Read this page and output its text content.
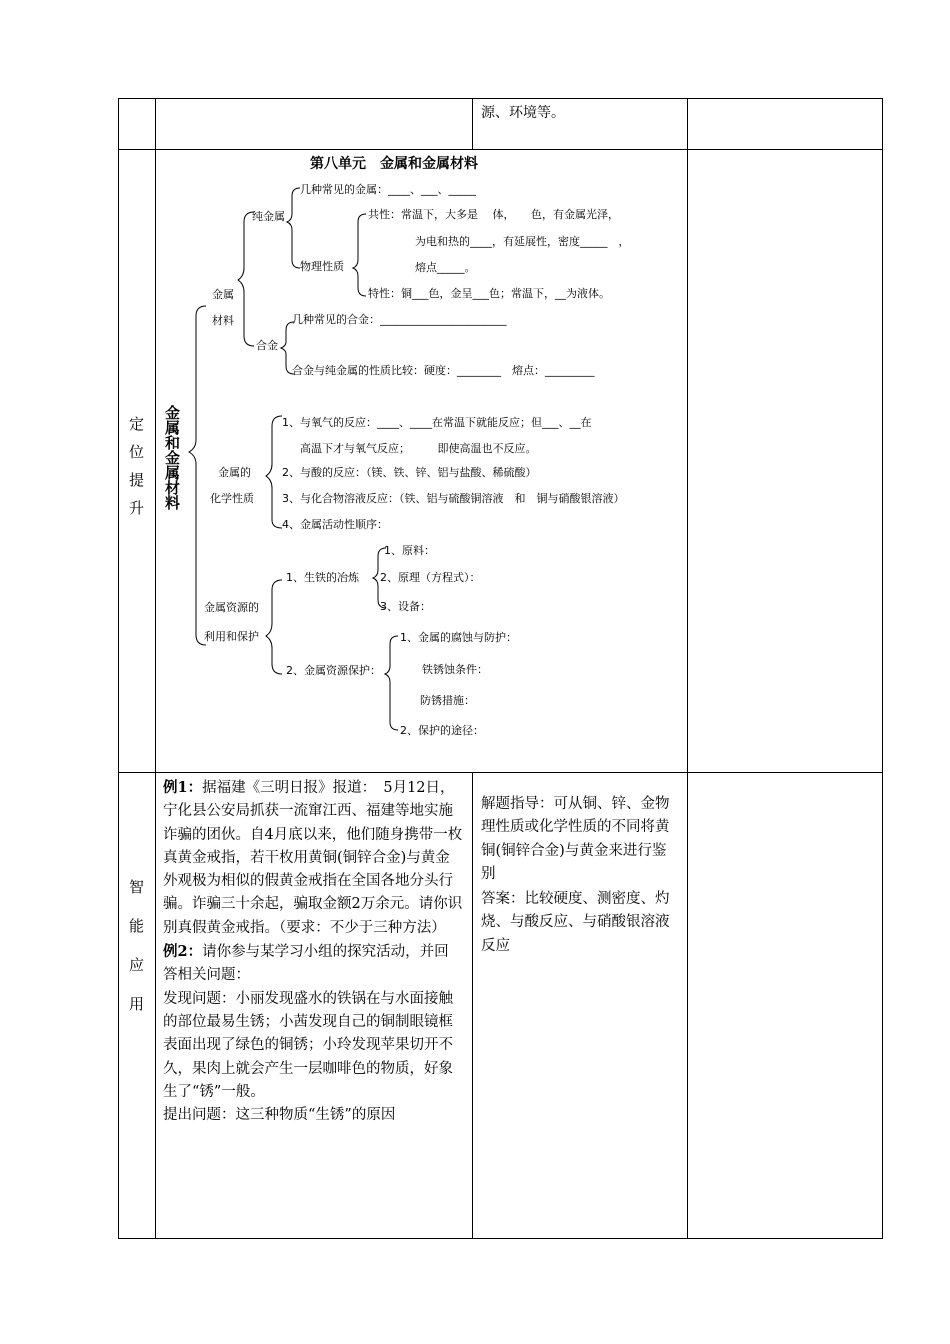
源、环境等。
定
位
提
升
第八单元　金属和金属材料
金属和金属材料
金属
材料
纯金属
几种常见的金属：____、___、_____
物理性质
共性：常温下，大多是　 体，　　色，有金属光泽，
为电和热的____，有延展性，密度_____　，
熔点_____。
特性：铜___色，金呈___色；常温下，__为液体。
合金
几种常见的合金：_______________________
合金与纯金属的性质比较：硬度：________　熔点：_________
金属的
化学性质
1、与氧气的反应：____、____在常温下就能反应；但___、__在
高温下才与氧气反应；　　　即使高温也不反应。
2、与酸的反应：（镁、铁、锌、铝与盐酸、稀硫酸）
3、与化合物溶液反应：（铁、铝与硫酸铜溶液　和　铜与硝酸银溶液）
4、金属活动性顺序：
金属资源的
利用和保护
1、生铁的冶炼
1、原料：
2、原理（方程式）：
3、设备：
2、金属资源保护：
1、金属的腐蚀与防护：
铁锈蚀条件：
防锈措施：
2、保护的途径：
智
能
应
用
例1：据福建《三明日报》报道：　5月12日，宁化县公安局抓获一流窜江西、福建等地实施诈骗的团伙。自4月底以来，他们随身携带一枚真黄金戒指，若干枚用黄铜(铜锌合金)与黄金外观极为相似的假黄金戒指在全国各地分头行骗。诈骗三十余起，骗取金额2万余元。请你识别真假黄金戒指。（要求：不少于三种方法）
例2：请你参与某学习小组的探究活动，并回答相关问题：
发现问题：小丽发现盛水的铁锅在与水面接触的部位最易生锈；小茜发现自己的铜制眼镜框表面出现了绿色的铜锈；小玲发现苹果切开不久，果肉上就会产生一层咖啡色的物质，好象生了“锈”一般。
提出问题：这三种物质“生锈”的原因
解题指导：可从铜、锌、金物理性质或化学性质的不同将黄铜(铜锌合金)与黄金来进行鉴别
答案：比较硬度、测密度、灼烧、与酸反应、与硝酸银溶液反应
